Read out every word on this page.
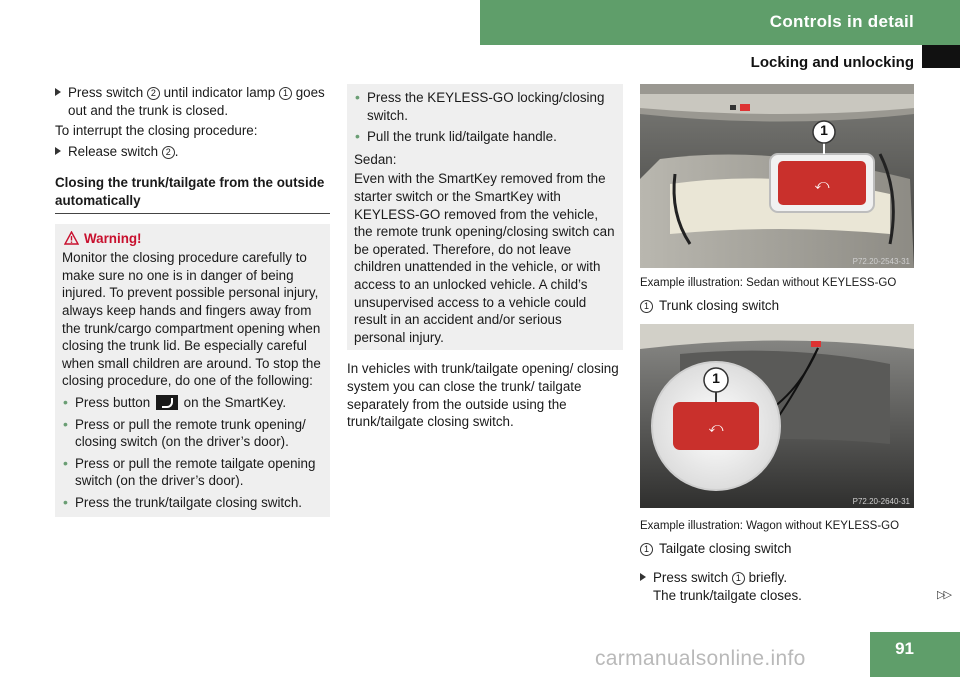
Controls in detail
Locking and unlocking
Press switch 2 until indicator lamp 1 goes out and the trunk is closed.
To interrupt the closing procedure:
Release switch 2 .
Closing the trunk/tailgate from the outside automatically
Warning!
Monitor the closing procedure carefully to make sure no one is in danger of being injured. To prevent possible personal injury, always keep hands and fingers away from the trunk/cargo compartment opening when closing the trunk lid. Be especially careful when small children are around. To stop the closing procedure, do one of the following:
• Press button  on the SmartKey.
• Press or pull the remote trunk opening/ closing switch (on the driver’s door).
• Press or pull the remote tailgate opening switch (on the driver’s door).
• Press the trunk/tailgate closing switch.
• Press the KEYLESS-GO locking/closing switch.
• Pull the trunk lid/tailgate handle.
Sedan:
Even with the SmartKey removed from the starter switch or the SmartKey with KEYLESS-GO removed from the vehicle, the remote trunk opening/closing switch can be operated. Therefore, do not leave children unattended in the vehicle, or with access to an unlocked vehicle. A child’s unsupervised access to a vehicle could result in an accident and/or serious personal injury.
In vehicles with trunk/tailgate opening/ closing system you can close the trunk/ tailgate separately from the outside using the trunk/tailgate closing switch.
⤺
1
P72.20-2543-31
Example illustration: Sedan without KEYLESS-GO
1 Trunk closing switch
⤺
1
P72.20-2640-31
Example illustration: Wagon without KEYLESS-GO
1 Tailgate closing switch
Press switch 1 briefly.
The trunk/tailgate closes.	▷▷
91
carmanualsonline.info
